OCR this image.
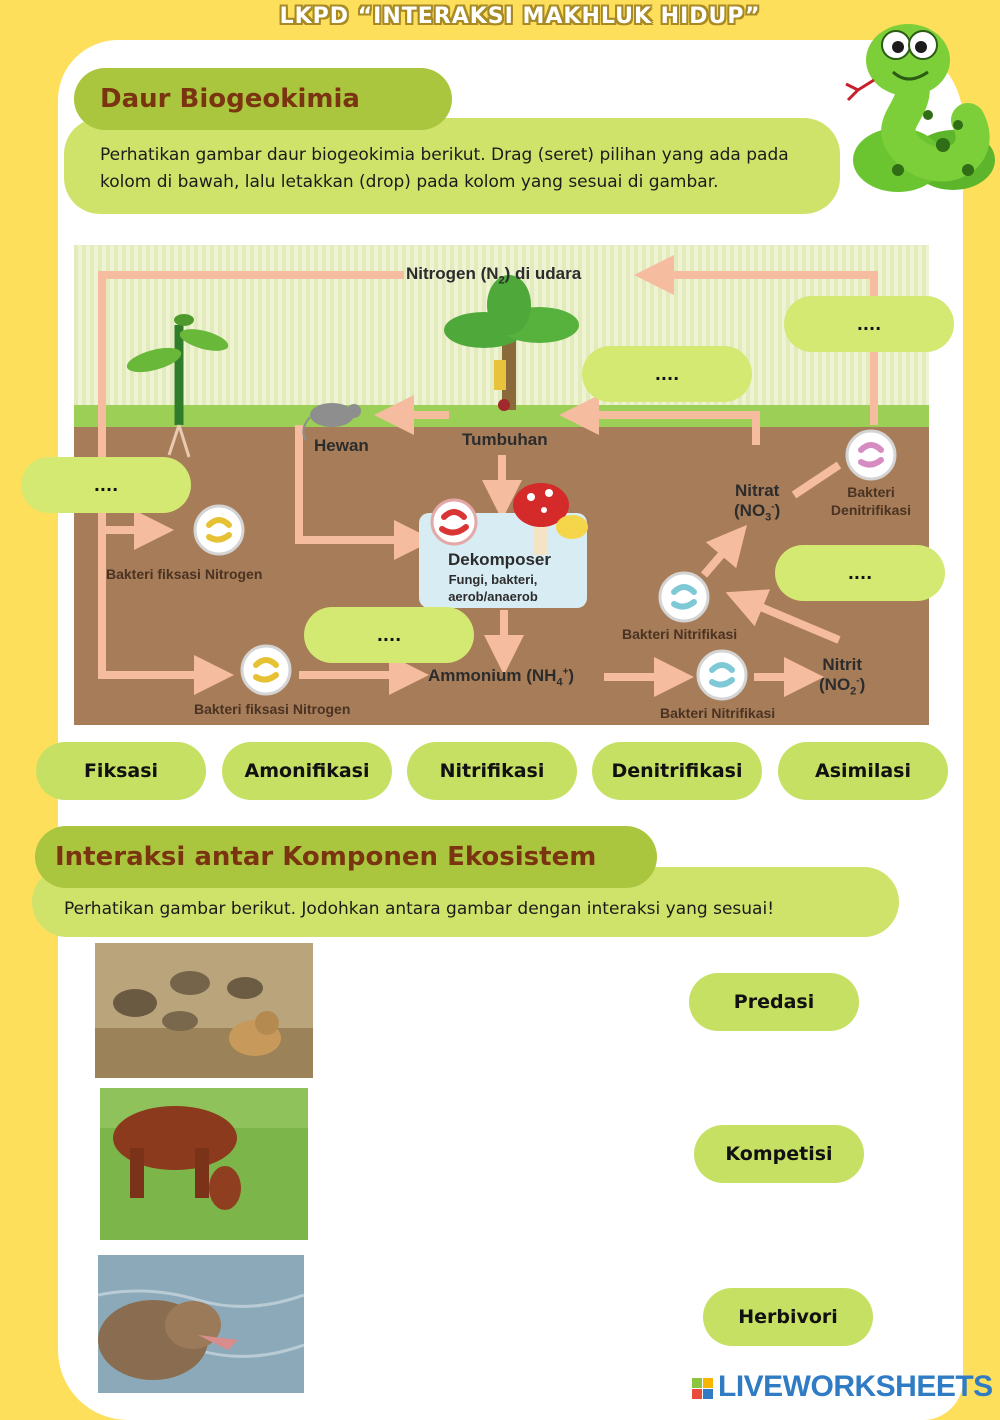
LKPD “INTERAKSI MAKHLUK HIDUP”
Perhatikan gambar daur biogeokimia berikut. Drag (seret) pilihan yang ada pada kolom di bawah, lalu letakkan (drop) pada kolom yang sesuai di gambar.
Daur Biogeokimia
Nitrogen $(N_2)$ di udara
Tumbuhan
Hewan
Dekomposer
Fungi, bakteri,
aerob/anaerob
Nitrat
$(NO_3^-)$
Nitrit
$(NO_2^-)$
Ammonium $(NH_4^+)$
Bakteri fiksasi Nitrogen
Bakteri fiksasi Nitrogen
Bakteri Nitrifikasi
Bakteri Nitrifikasi
Bakteri
Denitrifikasi
....
....
....
....
....
Fiksasi	Amonifikasi	Nitrifikasi	Denitrifikasi	Asimilasi
Perhatikan gambar berikut. Jodohkan antara gambar dengan interaksi yang sesuai!
Interaksi antar Komponen Ekosistem
Predasi
Kompetisi
Herbivori
LIVEWORKSHEETS
